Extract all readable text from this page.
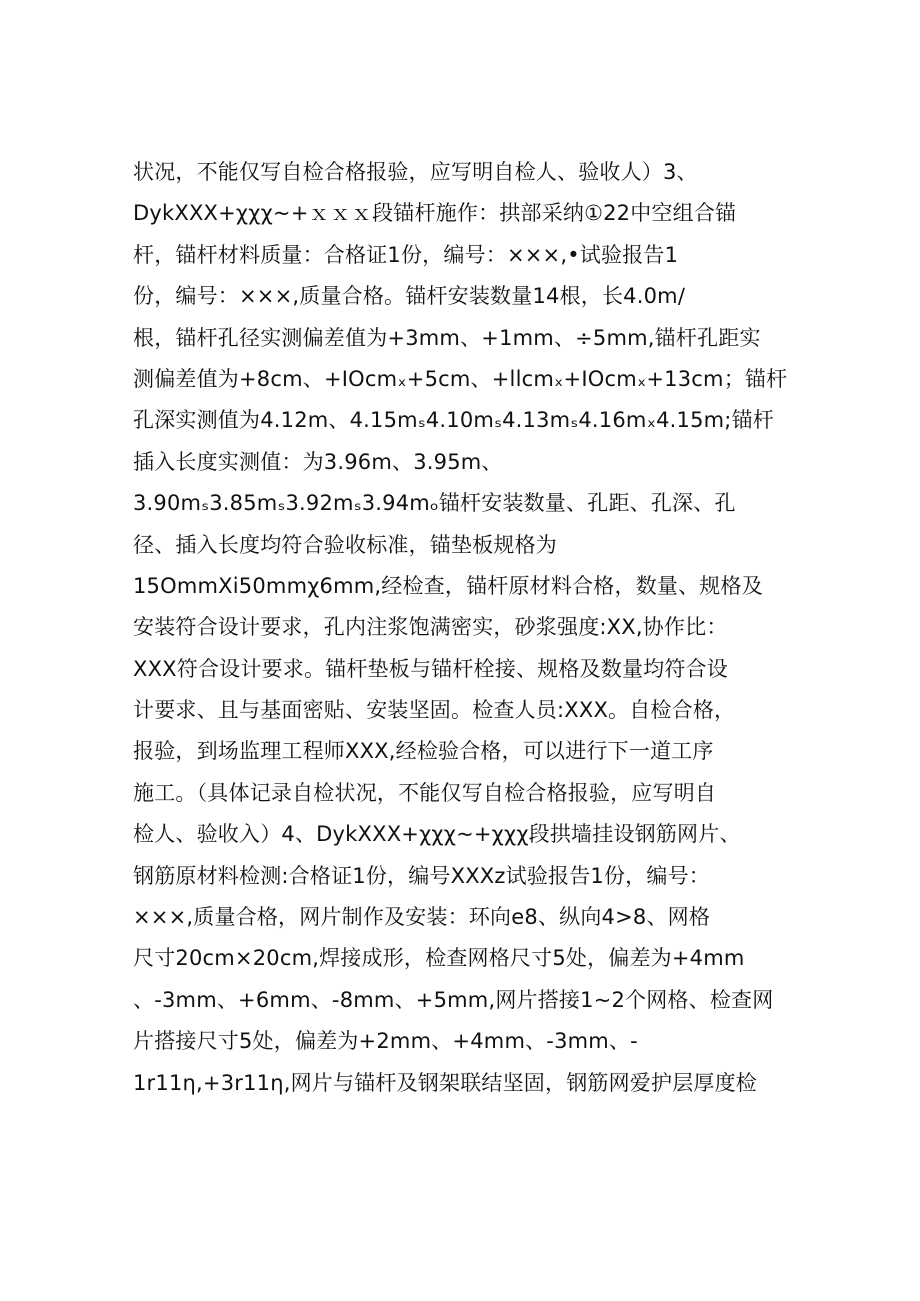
状况，不能仅写自检合格报验，应写明自检人、验收人）3、
DykXXX+χχχ~+ｘｘｘ段锚杆施作：拱部采纳①22中空组合锚
杆，锚杆材料质量：合格证1份，编号：×××,•试验报告1
份，编号：×××,质量合格。锚杆安装数量14根，长4.0m∕
根，锚杆孔径实测偏差值为+3mm、+1mm、÷5mm,锚杆孔距实
测偏差值为+8cm、+IOcmₓ+5cm、+llcmₓ+IOcmₓ+13cm；锚杆
孔深实测值为4.12m、4.15mₛ4.10mₛ4.13mₛ4.16mₓ4.15m;锚杆
插入长度实测值：为3.96m、3.95m、
3.90mₛ3.85mₛ3.92mₛ3.94mₒ锚杆安装数量、孔距、孔深、孔
径、插入长度均符合验收标准，锚垫板规格为
15OmmXi50mmχ6mm,经检查，锚杆原材料合格，数量、规格及
安装符合设计要求，孔内注浆饱满密实，砂浆强度:XX,协作比：
XXX符合设计要求。锚杆垫板与锚杆栓接、规格及数量均符合设
计要求、且与基面密贴、安装坚固。检查人员:XXX。自检合格，
报验，到场监理工程师XXX,经检验合格，可以进行下一道工序
施工。（具体记录自检状况，不能仅写自检合格报验，应写明自
检人、验收入）4、DykXXX+χχχ~+χχχ段拱墙挂设钢筋网片、
钢筋原材料检测:合格证1份，编号XXXz试验报告1份，编号：
×××,质量合格，网片制作及安装：环向e8、纵向4>8、网格
尺寸20cm×20cm,焊接成形，检查网格尺寸5处，偏差为+4mm
、-3mm、+6mm、-8mm、+5mm,网片搭接1~2个网格、检查网
片搭接尺寸5处，偏差为+2mm、+4mm、-3mm、-
1r11η,+3r11η,网片与锚杆及钢架联结坚固，钢筋网爱护层厚度检
